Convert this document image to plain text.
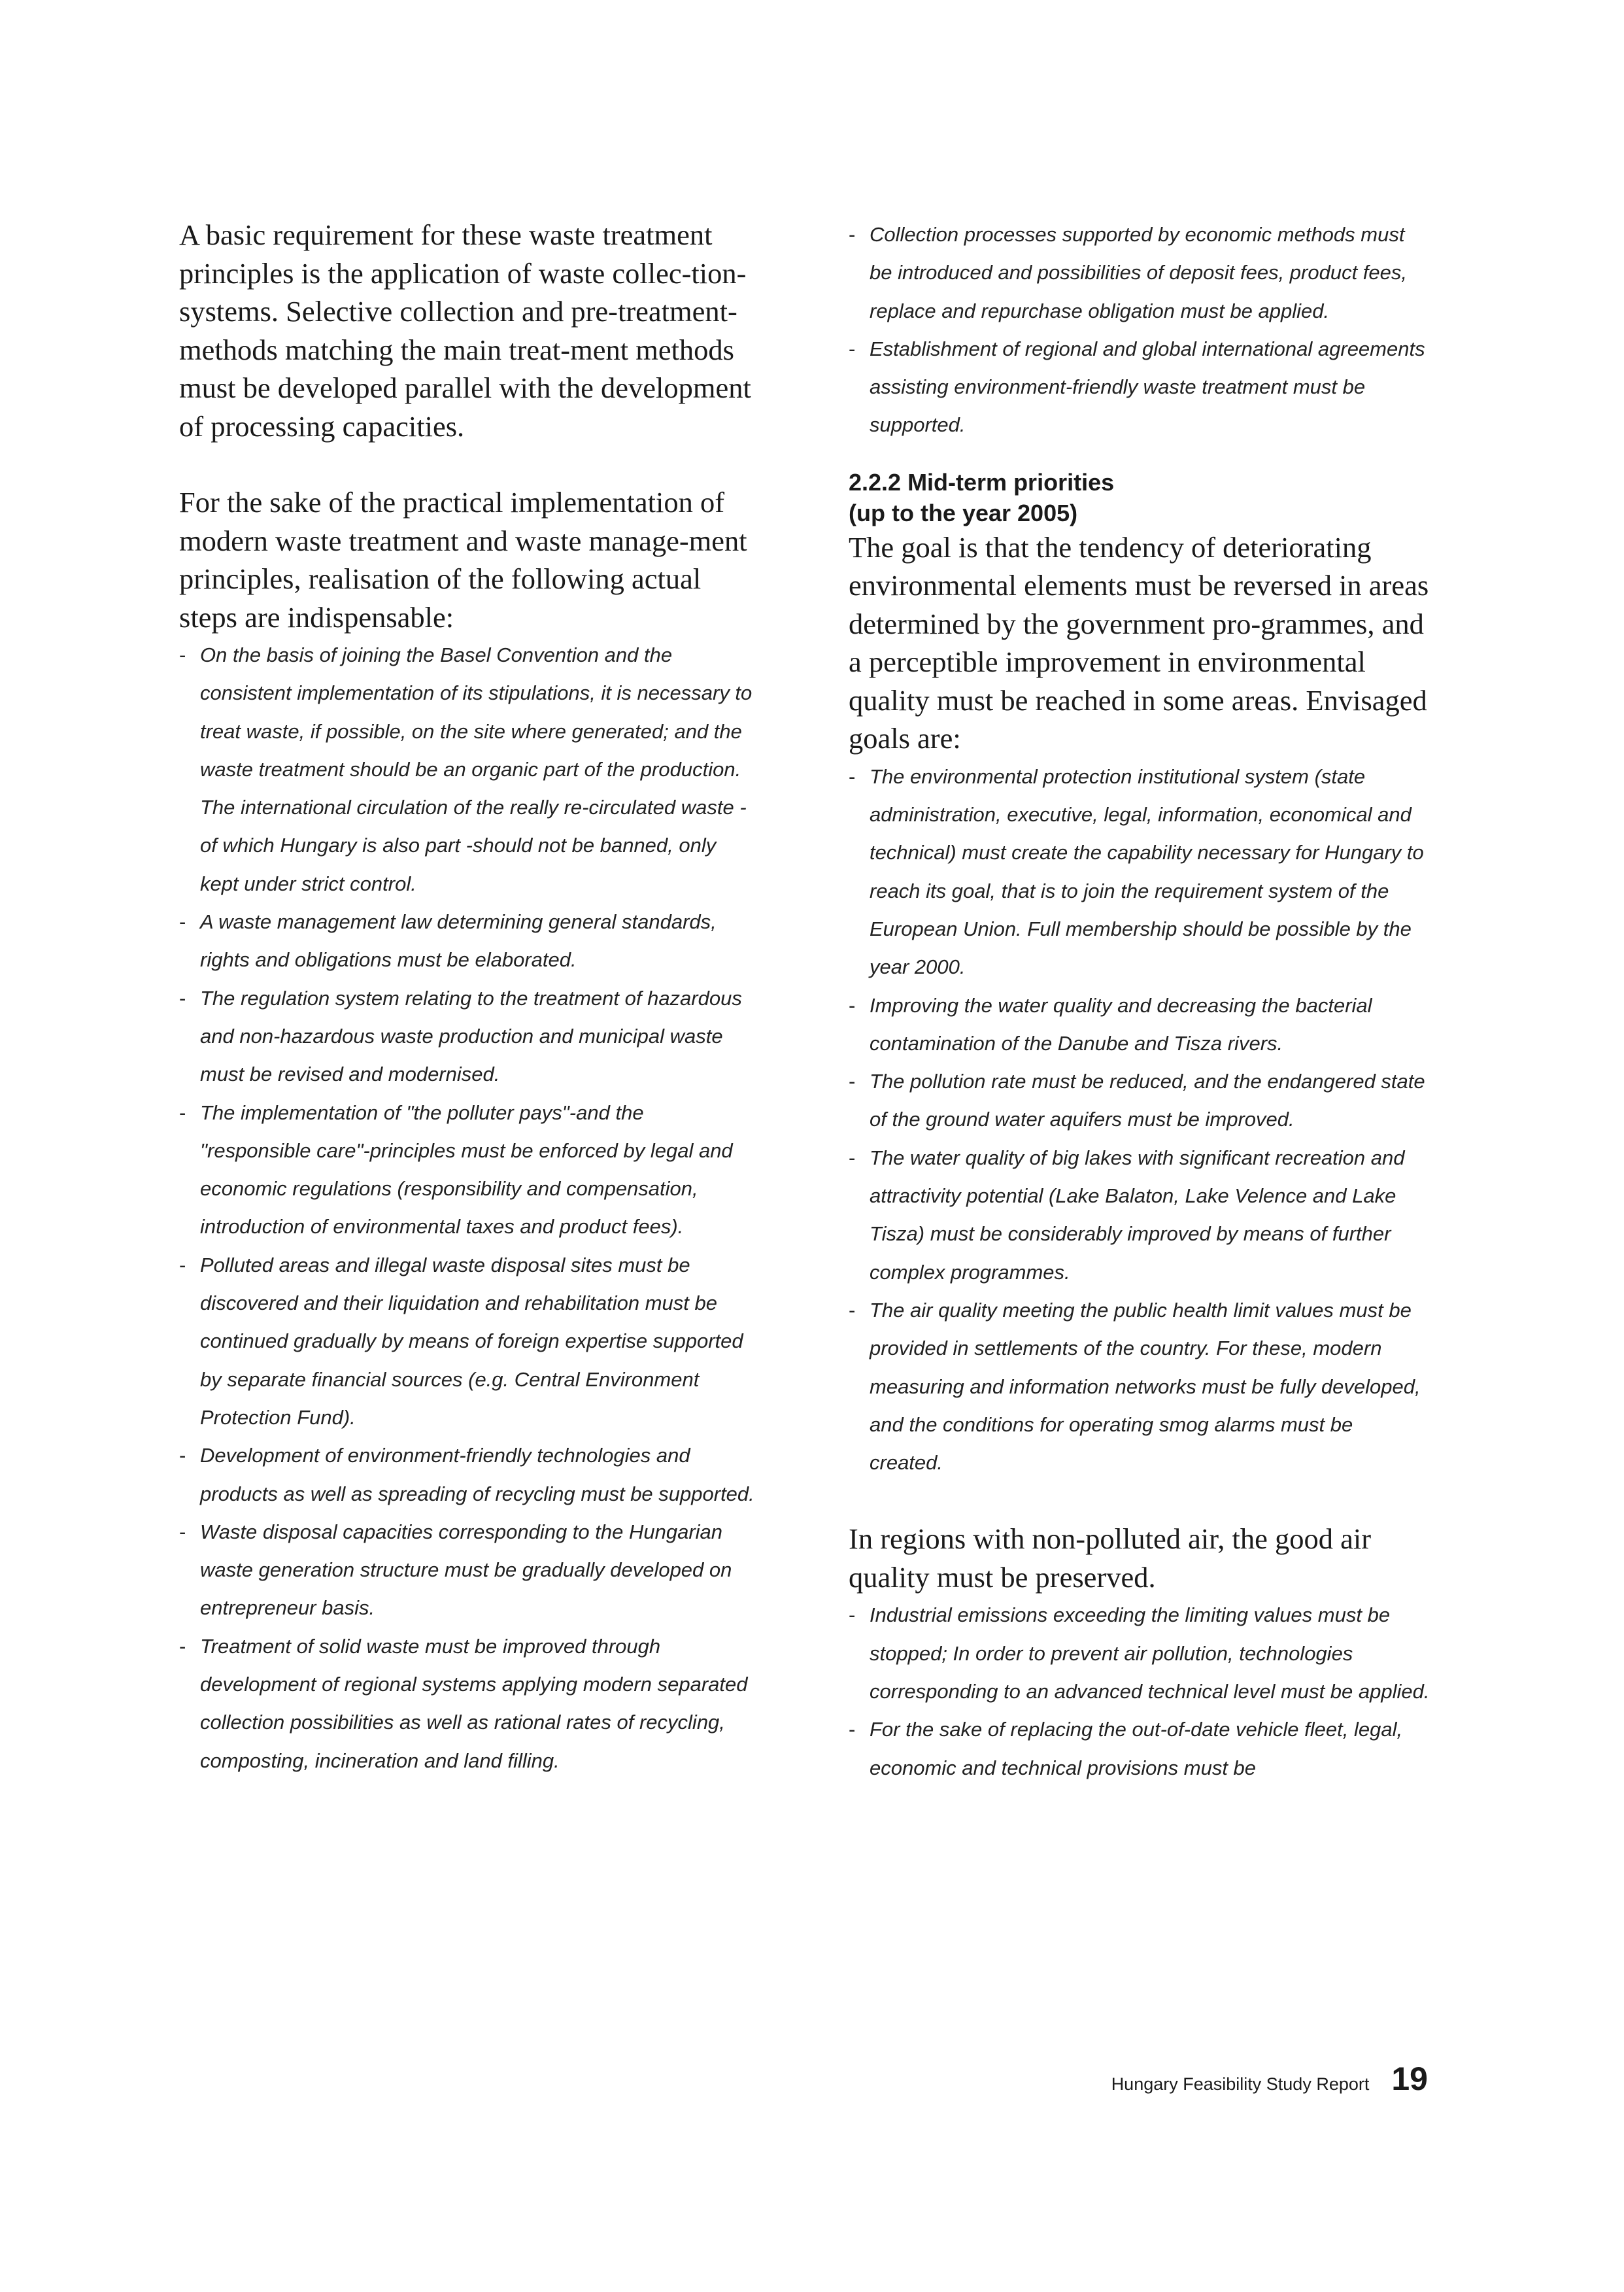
A basic requirement for these waste treatment principles is the application of waste collec-tion-systems. Selective collection and pre-treatment-methods matching the main treat-ment methods must be developed parallel with the development of processing capacities.

For the sake of the practical implementation of modern waste treatment and waste manage-ment principles, realisation of the following actual steps are indispensable:

- On the basis of joining the Basel Convention and the consistent implementation of its stipulations, it is necessary to treat waste, if possible, on the site where generated; and the waste treatment should be an organic part of the production. The international circulation of the really re-circulated waste -of which Hungary is also part -should not be banned, only kept under strict control.
- A waste management law determining general standards, rights and obligations must be elaborated.
- The regulation system relating to the treatment of hazardous and non-hazardous waste production and municipal waste must be revised and modernised.
- The implementation of "the polluter pays"-and the "responsible care"-principles must be enforced by legal and economic regulations (responsibility and compensation, introduction of environmental taxes and product fees).
- Polluted areas and illegal waste disposal sites must be discovered and their liquidation and rehabilitation must be continued gradually by means of foreign expertise supported by separate financial sources (e.g. Central Environment Protection Fund).
- Development of environment-friendly technologies and products as well as spreading of recycling must be supported.
- Waste disposal capacities corresponding to the Hungarian waste generation structure must be gradually developed on entrepreneur basis.
- Treatment of solid waste must be improved through development of regional systems applying modern separated collection possibilities as well as rational rates of recycling, composting, incineration and land filling.
- Collection processes supported by economic methods must be introduced and possibilities of deposit fees, product fees, replace and repurchase obligation must be applied.
- Establishment of regional and global international agreements assisting environment-friendly waste treatment must be supported.

2.2.2 Mid-term priorities
(up to the year 2005)

The goal is that the tendency of deteriorating environmental elements must be reversed in areas determined by the government pro-grammes, and a perceptible improvement in environmental quality must be reached in some areas. Envisaged goals are:

- The environmental protection institutional system (state administration, executive, legal, information, economical and technical) must create the capability necessary for Hungary to reach its goal, that is to join the requirement system of the European Union. Full membership should be possible by the year 2000.
- Improving the water quality and decreasing the bacterial contamination of the Danube and Tisza rivers.
- The pollution rate must be reduced, and the endangered state of the ground water aquifers must be improved.
- The water quality of big lakes with significant recreation and attractivity potential (Lake Balaton, Lake Velence and Lake Tisza) must be considerably improved by means of further complex programmes.
- The air quality meeting the public health limit values must be provided in settlements of the country. For these, modern measuring and information networks must be fully developed, and the conditions for operating smog alarms must be created.

In regions with non-polluted air, the good air quality must be preserved.

- Industrial emissions exceeding the limiting values must be stopped; In order to prevent air pollution, technologies corresponding to an advanced technical level must be applied.
- For the sake of replacing the out-of-date vehicle fleet, legal, economic and technical provisions must be
Hungary Feasibility Study Report 19
